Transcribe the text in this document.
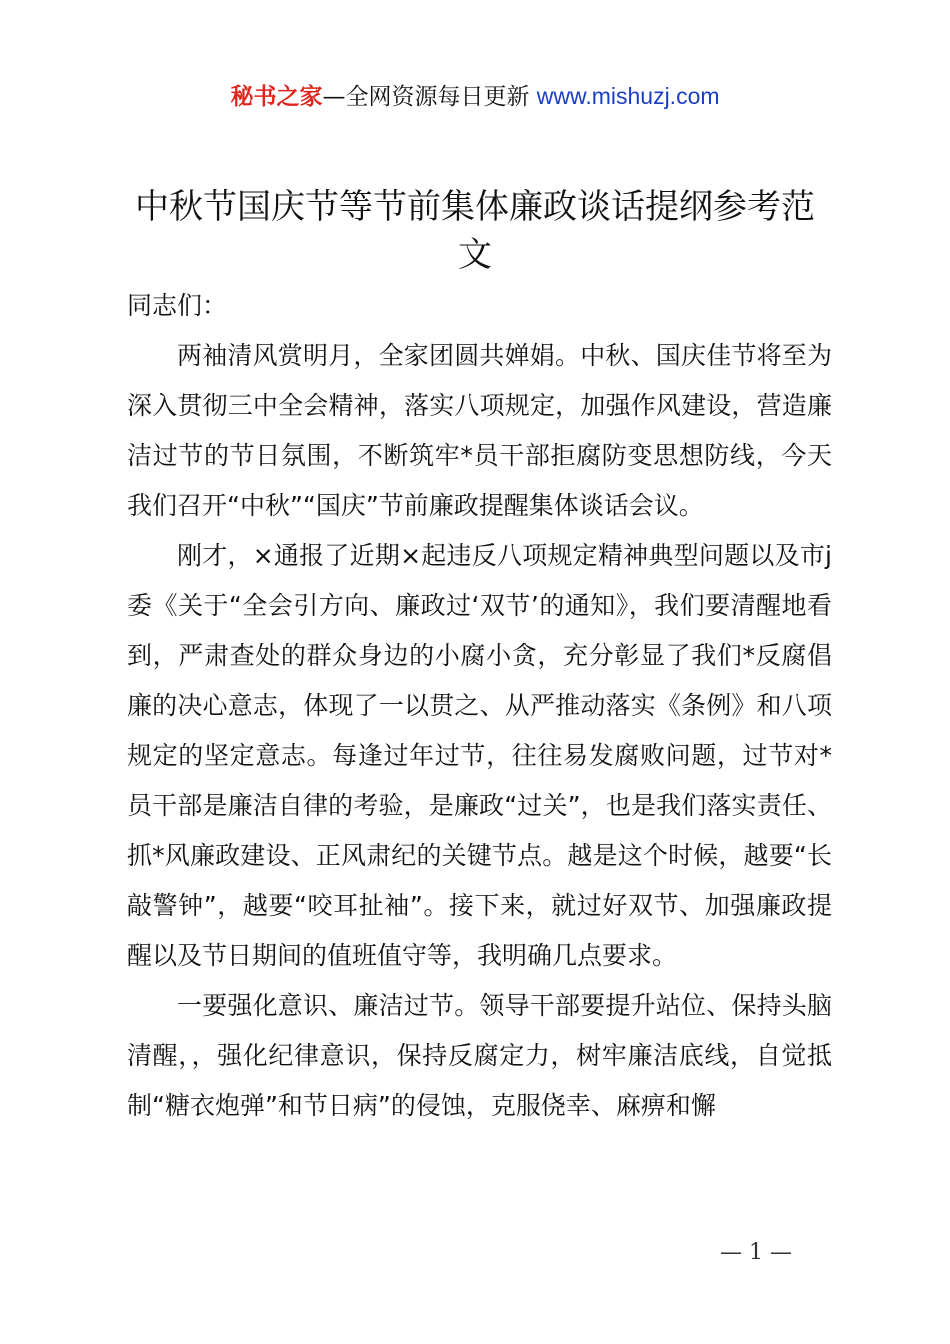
秘书之家—全网资源每日更新 www.mishuzj.com
中秋节国庆节等节前集体廉政谈话提纲参考范文

同志们：

两袖清风赏明月，全家团圆共婵娟。中秋、国庆佳节将至为深入贯彻三中全会精神，落实八项规定，加强作风建设，营造廉洁过节的节日氛围，不断筑牢*员干部拒腐防变思想防线，今天我们召开“中秋”“国庆”节前廉政提醒集体谈话会议。

刚才，×通报了近期×起违反八项规定精神典型问题以及市j委《关于“全会引方向、廉政过‘双节’的通知》，我们要清醒地看到，严肃查处的群众身边的小腐小贪，充分彰显了我们*反腐倡廉的决心意志，体现了一以贯之、从严推动落实《条例》和八项规定的坚定意志。每逢过年过节，往往易发腐败问题，过节对*员干部是廉洁自律的考验，是廉政“过关”，也是我们落实责任、抓*风廉政建设、正风肃纪的关键节点。越是这个时候，越要“长敲警钟”，越要“咬耳扯袖”。接下来，就过好双节、加强廉政提醒以及节日期间的值班值守等，我明确几点要求。

一要强化意识、廉洁过节。领导干部要提升站位、保持头脑清醒，，强化纪律意识，保持反腐定力，树牢廉洁底线，自觉抵制“糖衣炮弹”和节日病”的侵蚀，克服侥幸、麻痹和懈

— 1 —
